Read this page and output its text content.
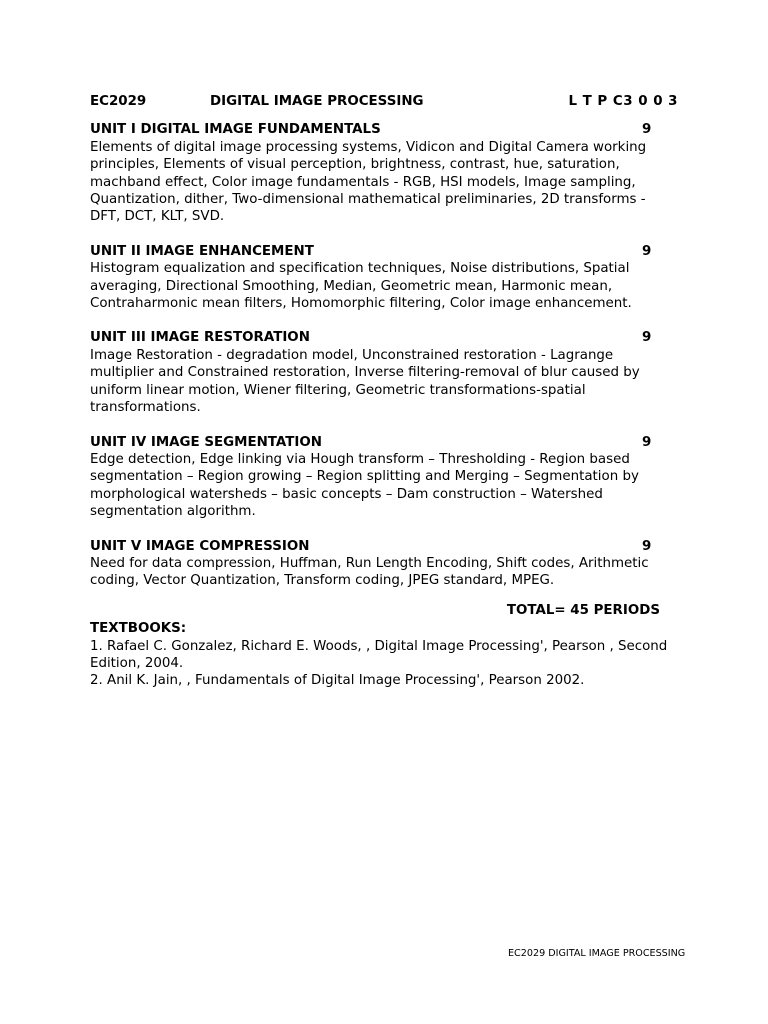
EC2029	DIGITAL IMAGE PROCESSING	L T P C3 0 0 3
UNIT I DIGITAL IMAGE FUNDAMENTALS	9

Elements of digital image processing systems, Vidicon and Digital Camera working principles, Elements of visual perception, brightness, contrast, hue, saturation, machband effect, Color image fundamentals - RGB, HSI models, Image sampling, Quantization, dither, Two-dimensional mathematical preliminaries, 2D transforms - DFT, DCT, KLT, SVD.

UNIT II IMAGE ENHANCEMENT	9

Histogram equalization and specification techniques, Noise distributions, Spatial averaging, Directional Smoothing, Median, Geometric mean, Harmonic mean, Contraharmonic mean filters, Homomorphic filtering, Color image enhancement.

UNIT III IMAGE RESTORATION	9

Image Restoration - degradation model, Unconstrained restoration - Lagrange multiplier and Constrained restoration, Inverse filtering-removal of blur caused by uniform linear motion, Wiener filtering, Geometric transformations-spatial transformations.

UNIT IV IMAGE SEGMENTATION	9

Edge detection, Edge linking via Hough transform – Thresholding - Region based segmentation – Region growing – Region splitting and Merging – Segmentation by morphological watersheds – basic concepts – Dam construction – Watershed segmentation algorithm.

UNIT V IMAGE COMPRESSION	9

Need for data compression, Huffman, Run Length Encoding, Shift codes, Arithmetic coding, Vector Quantization, Transform coding, JPEG standard, MPEG.

TOTAL= 45 PERIODS
TEXTBOOKS:

1. Rafael C. Gonzalez, Richard E. Woods, , Digital Image Processing', Pearson , Second Edition, 2004.

2. Anil K. Jain, , Fundamentals of Digital Image Processing', Pearson 2002.

EC2029 DIGITAL IMAGE PROCESSING
